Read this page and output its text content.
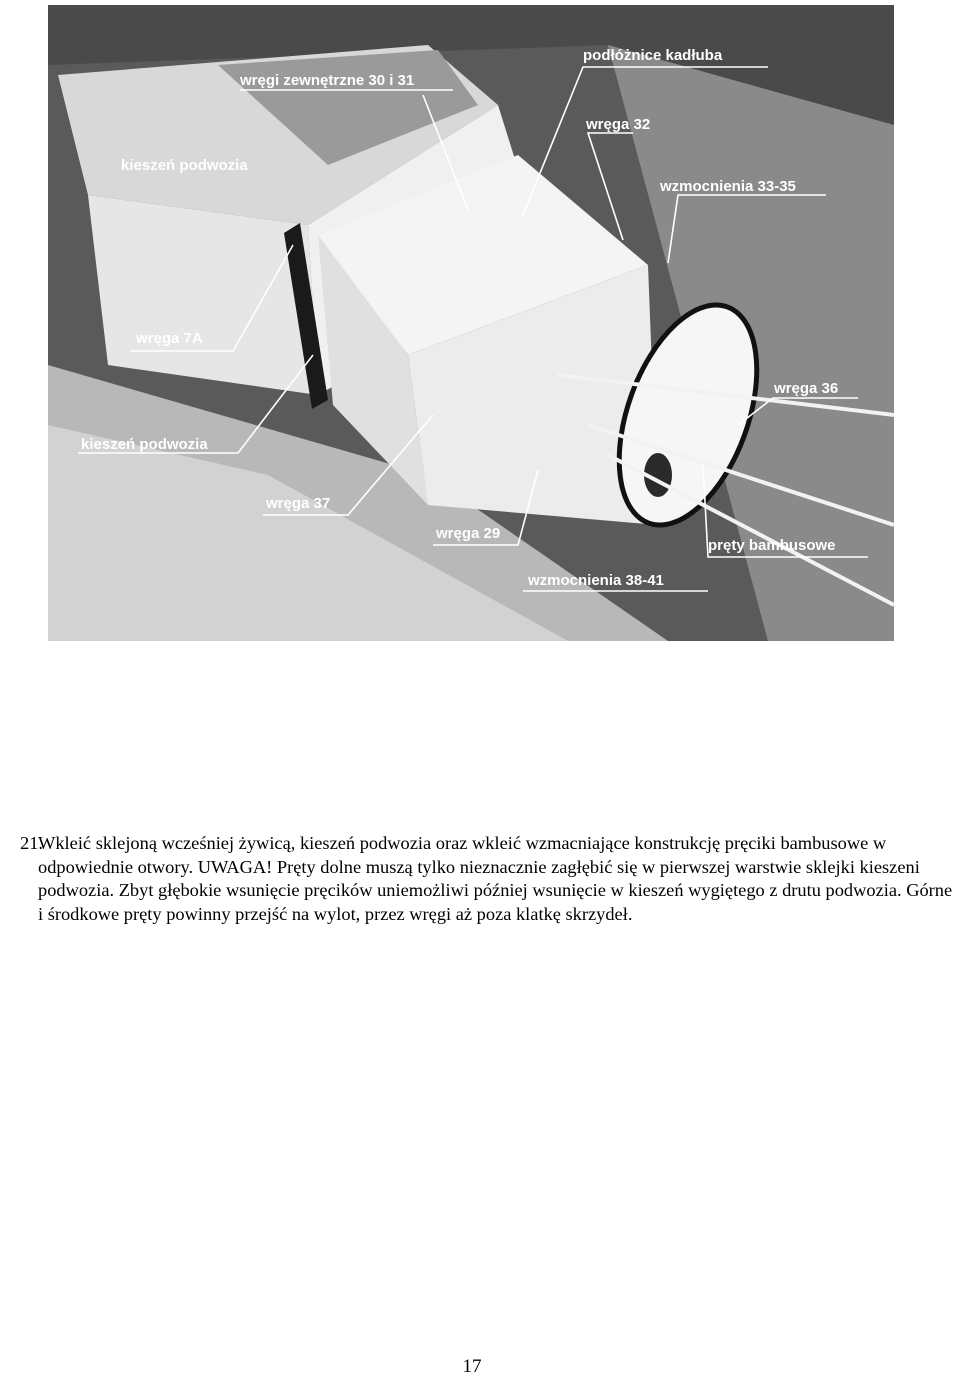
podłóżnice kadłuba
wręgi zewnętrzne 30 i 31
wręga 32
kieszeń podwozia
wzmocnienia 33-35
wręga 7A
wręga 36
kieszeń podwozia
wręga 37
wręga 29
pręty bambusowe
wzmocnienia 38-41
21.
Wkleić sklejoną wcześniej żywicą, kieszeń podwozia oraz wkleić wzmacniające konstrukcję pręciki bambusowe w odpowiednie otwory. UWAGA! Pręty dolne muszą tylko nieznacznie zagłębić się w pierwszej warstwie sklejki kieszeni podwozia. Zbyt głębokie wsunięcie pręcików uniemożliwi później wsunięcie w kieszeń wygiętego z drutu podwozia. Górne i środkowe pręty powinny przejść na wylot, przez wręgi aż poza klatkę skrzydeł.
17
